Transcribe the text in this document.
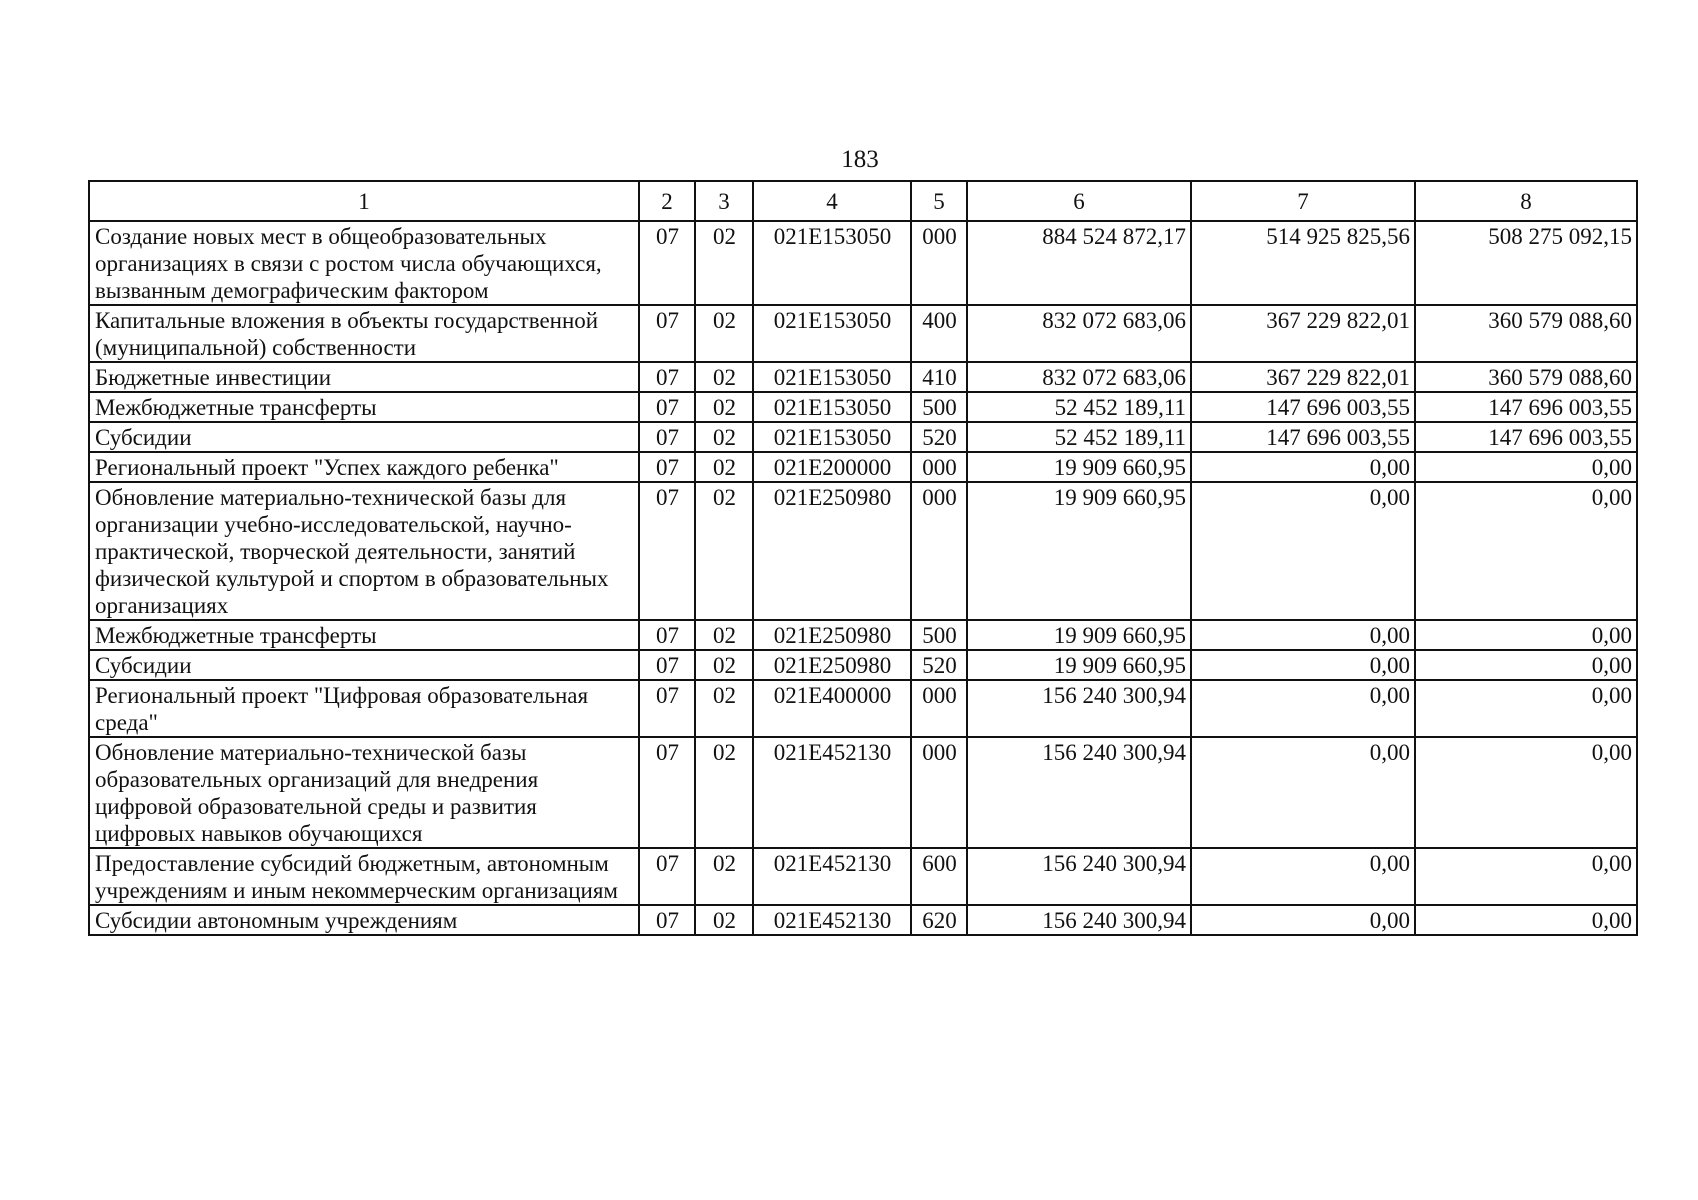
183
1	2	3	4	5	6	7	8
Создание новых мест в общеобразовательных организациях в связи с ростом числа обучающихся, вызванным демографическим фактором	07	02	021E153050	000	884 524 872,17	514 925 825,56	508 275 092,15
Капитальные вложения в объекты государственной (муниципальной) собственности	07	02	021E153050	400	832 072 683,06	367 229 822,01	360 579 088,60
Бюджетные инвестиции	07	02	021E153050	410	832 072 683,06	367 229 822,01	360 579 088,60
Межбюджетные трансферты	07	02	021E153050	500	52 452 189,11	147 696 003,55	147 696 003,55
Субсидии	07	02	021E153050	520	52 452 189,11	147 696 003,55	147 696 003,55
Региональный проект "Успех каждого ребенка"	07	02	021E200000	000	19 909 660,95	0,00	0,00
Обновление материально-технической базы для организации учебно-исследовательской, научно-практической, творческой деятельности, занятий физической культурой и спортом в образовательных организациях	07	02	021E250980	000	19 909 660,95	0,00	0,00
Межбюджетные трансферты	07	02	021E250980	500	19 909 660,95	0,00	0,00
Субсидии	07	02	021E250980	520	19 909 660,95	0,00	0,00
Региональный проект "Цифровая образовательная среда"	07	02	021E400000	000	156 240 300,94	0,00	0,00
Обновление материально-технической базы образовательных организаций для внедрения цифровой образовательной среды и развития цифровых навыков обучающихся	07	02	021E452130	000	156 240 300,94	0,00	0,00
Предоставление субсидий бюджетным, автономным учреждениям и иным некоммерческим организациям	07	02	021E452130	600	156 240 300,94	0,00	0,00
Субсидии автономным учреждениям	07	02	021E452130	620	156 240 300,94	0,00	0,00
